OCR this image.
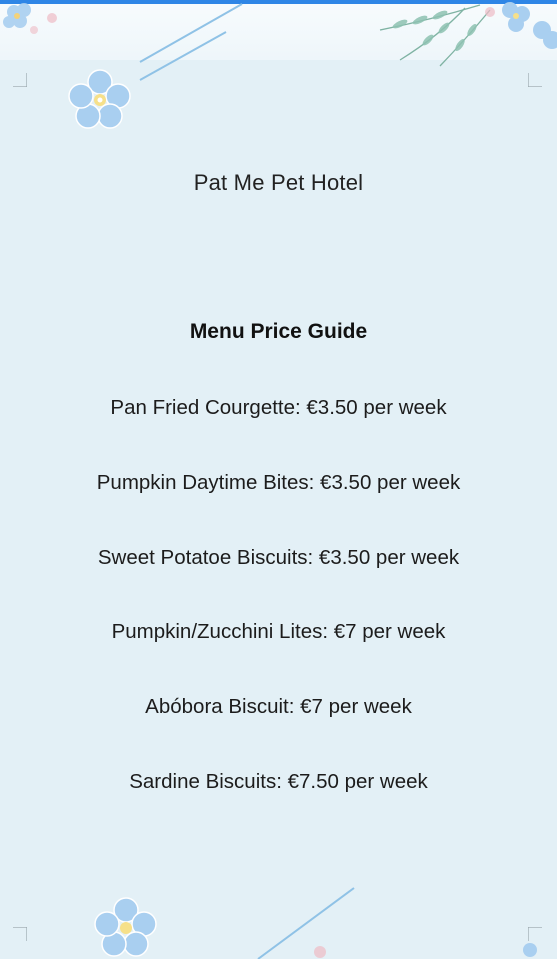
Pat Me Pet Hotel
Menu Price Guide
Pan Fried Courgette: €3.50 per week
Pumpkin Daytime Bites: €3.50 per week
Sweet Potatoe Biscuits: €3.50 per week
Pumpkin/Zucchini Lites: €7 per week
Abóbora Biscuit: €7 per week
Sardine Biscuits: €7.50 per week
